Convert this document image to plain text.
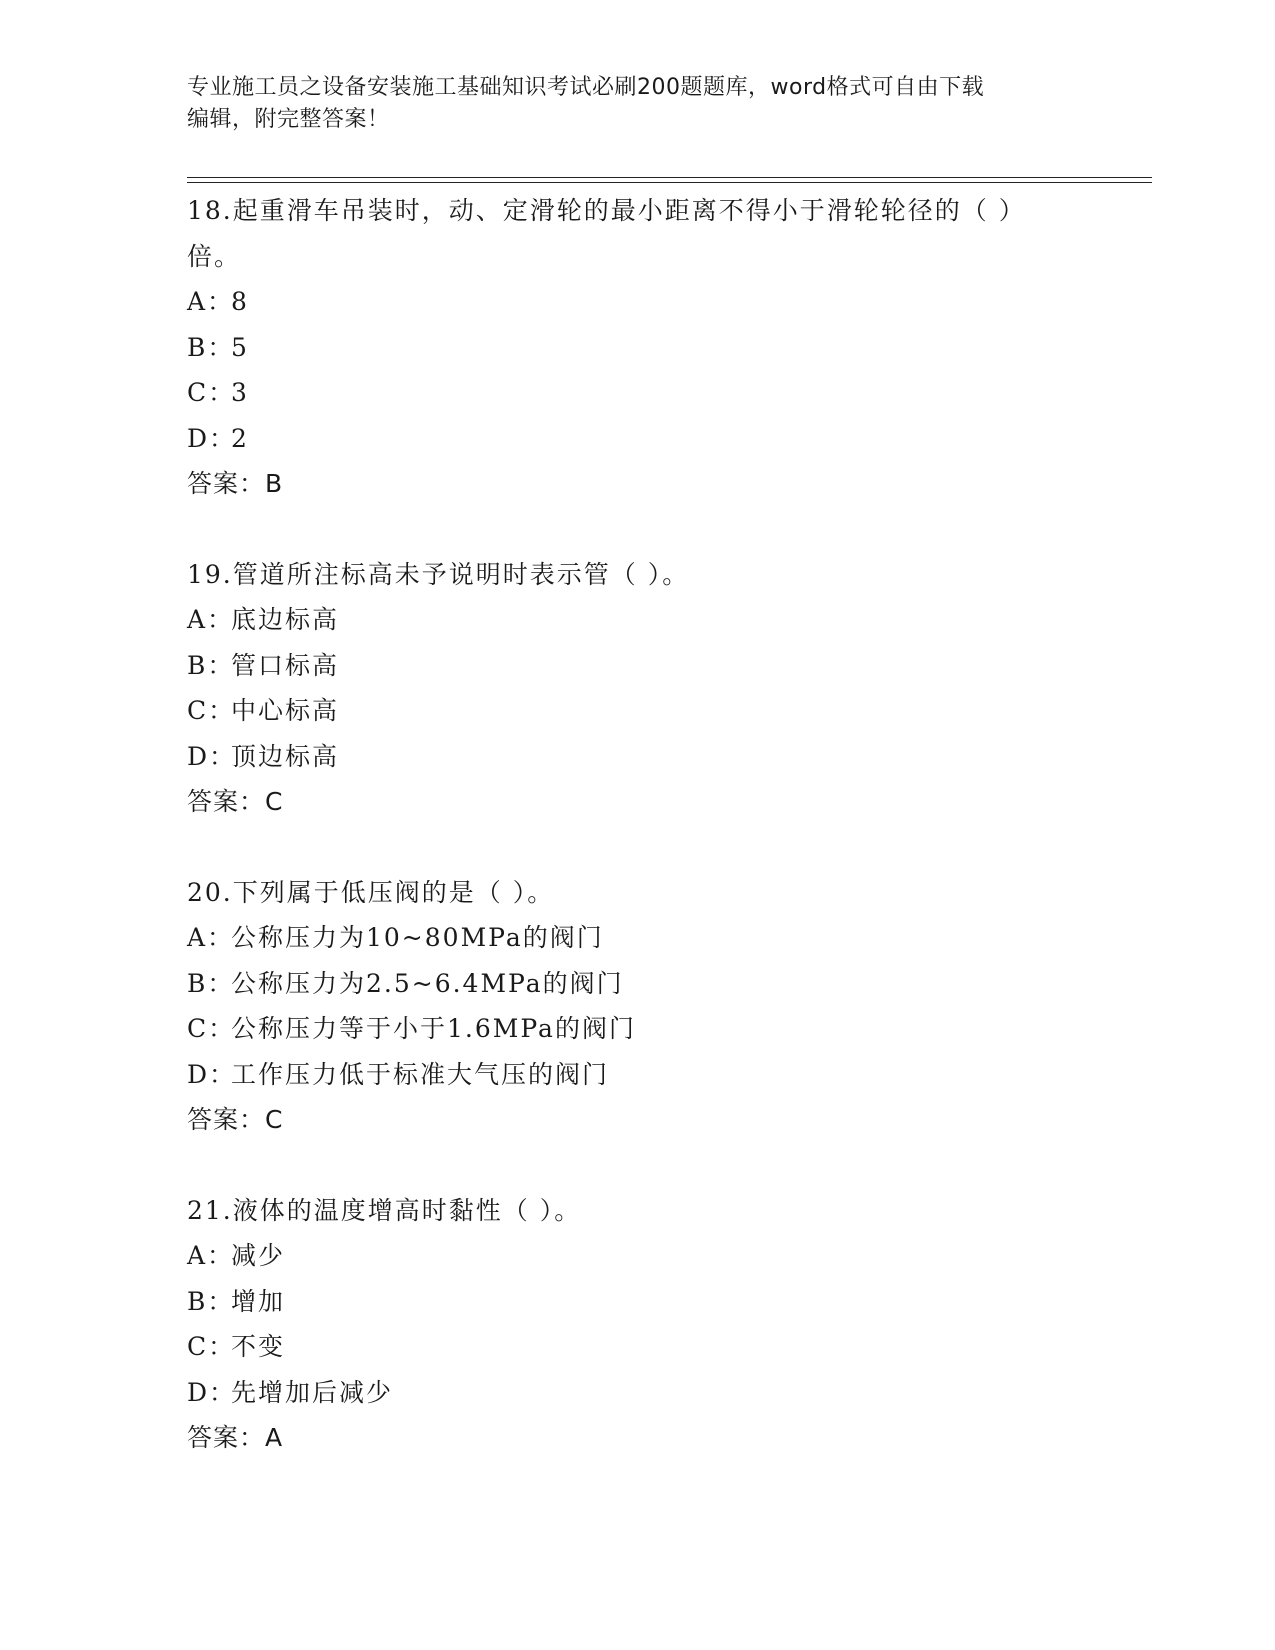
专业施工员之设备安装施工基础知识考试必刷200题题库，word格式可自由下载
编辑，附完整答案！
18.起重滑车吊装时，动、定滑轮的最小距离不得小于滑轮轮径的（ ）倍。
A：8
B：5
C：3
D：2
答案：B
19.管道所注标高未予说明时表示管（ ）。
A：底边标高
B：管口标高
C：中心标高
D：顶边标高
答案：C
20.下列属于低压阀的是（ ）。
A：公称压力为10~80MPa的阀门
B：公称压力为2.5~6.4MPa的阀门
C：公称压力等于小于1.6MPa的阀门
D：工作压力低于标准大气压的阀门
答案：C
21.液体的温度增高时黏性（ ）。
A：减少
B：增加
C：不变
D：先增加后减少
答案：A
